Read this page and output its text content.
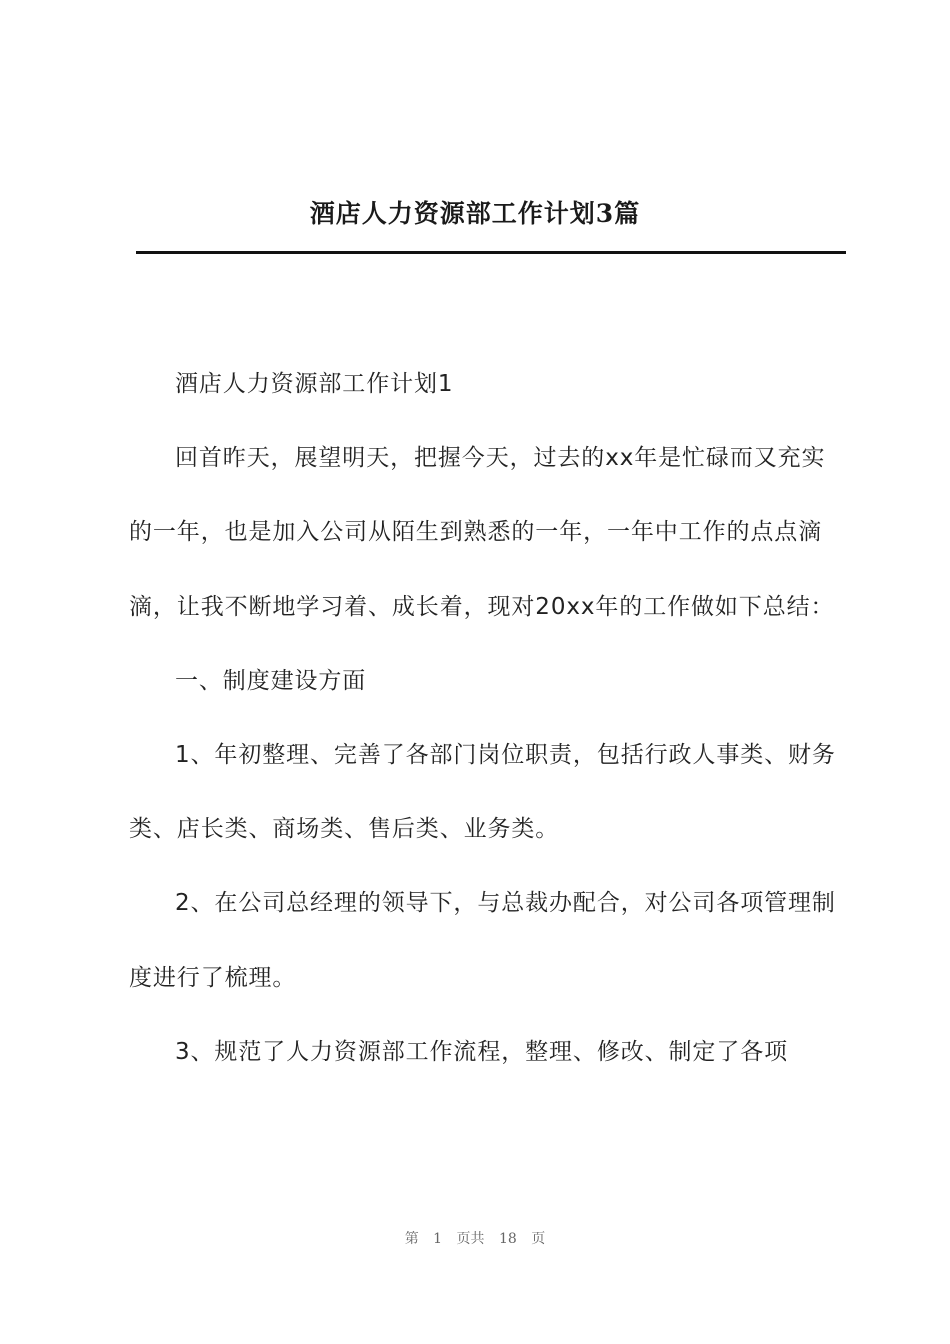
酒店人力资源部工作计划3篇

酒店人力资源部工作计划1

回首昨天，展望明天，把握今天，过去的xx年是忙碌而又充实的一年，也是加入公司从陌生到熟悉的一年，一年中工作的点点滴滴，让我不断地学习着、成长着，现对20xx年的工作做如下总结：

一、制度建设方面

1、年初整理、完善了各部门岗位职责，包括行政人事类、财务类、店长类、商场类、售后类、业务类。

2、在公司总经理的领导下，与总裁办配合，对公司各项管理制度进行了梳理。

3、规范了人力资源部工作流程，整理、修改、制定了各项

第 1 页共 18 页
